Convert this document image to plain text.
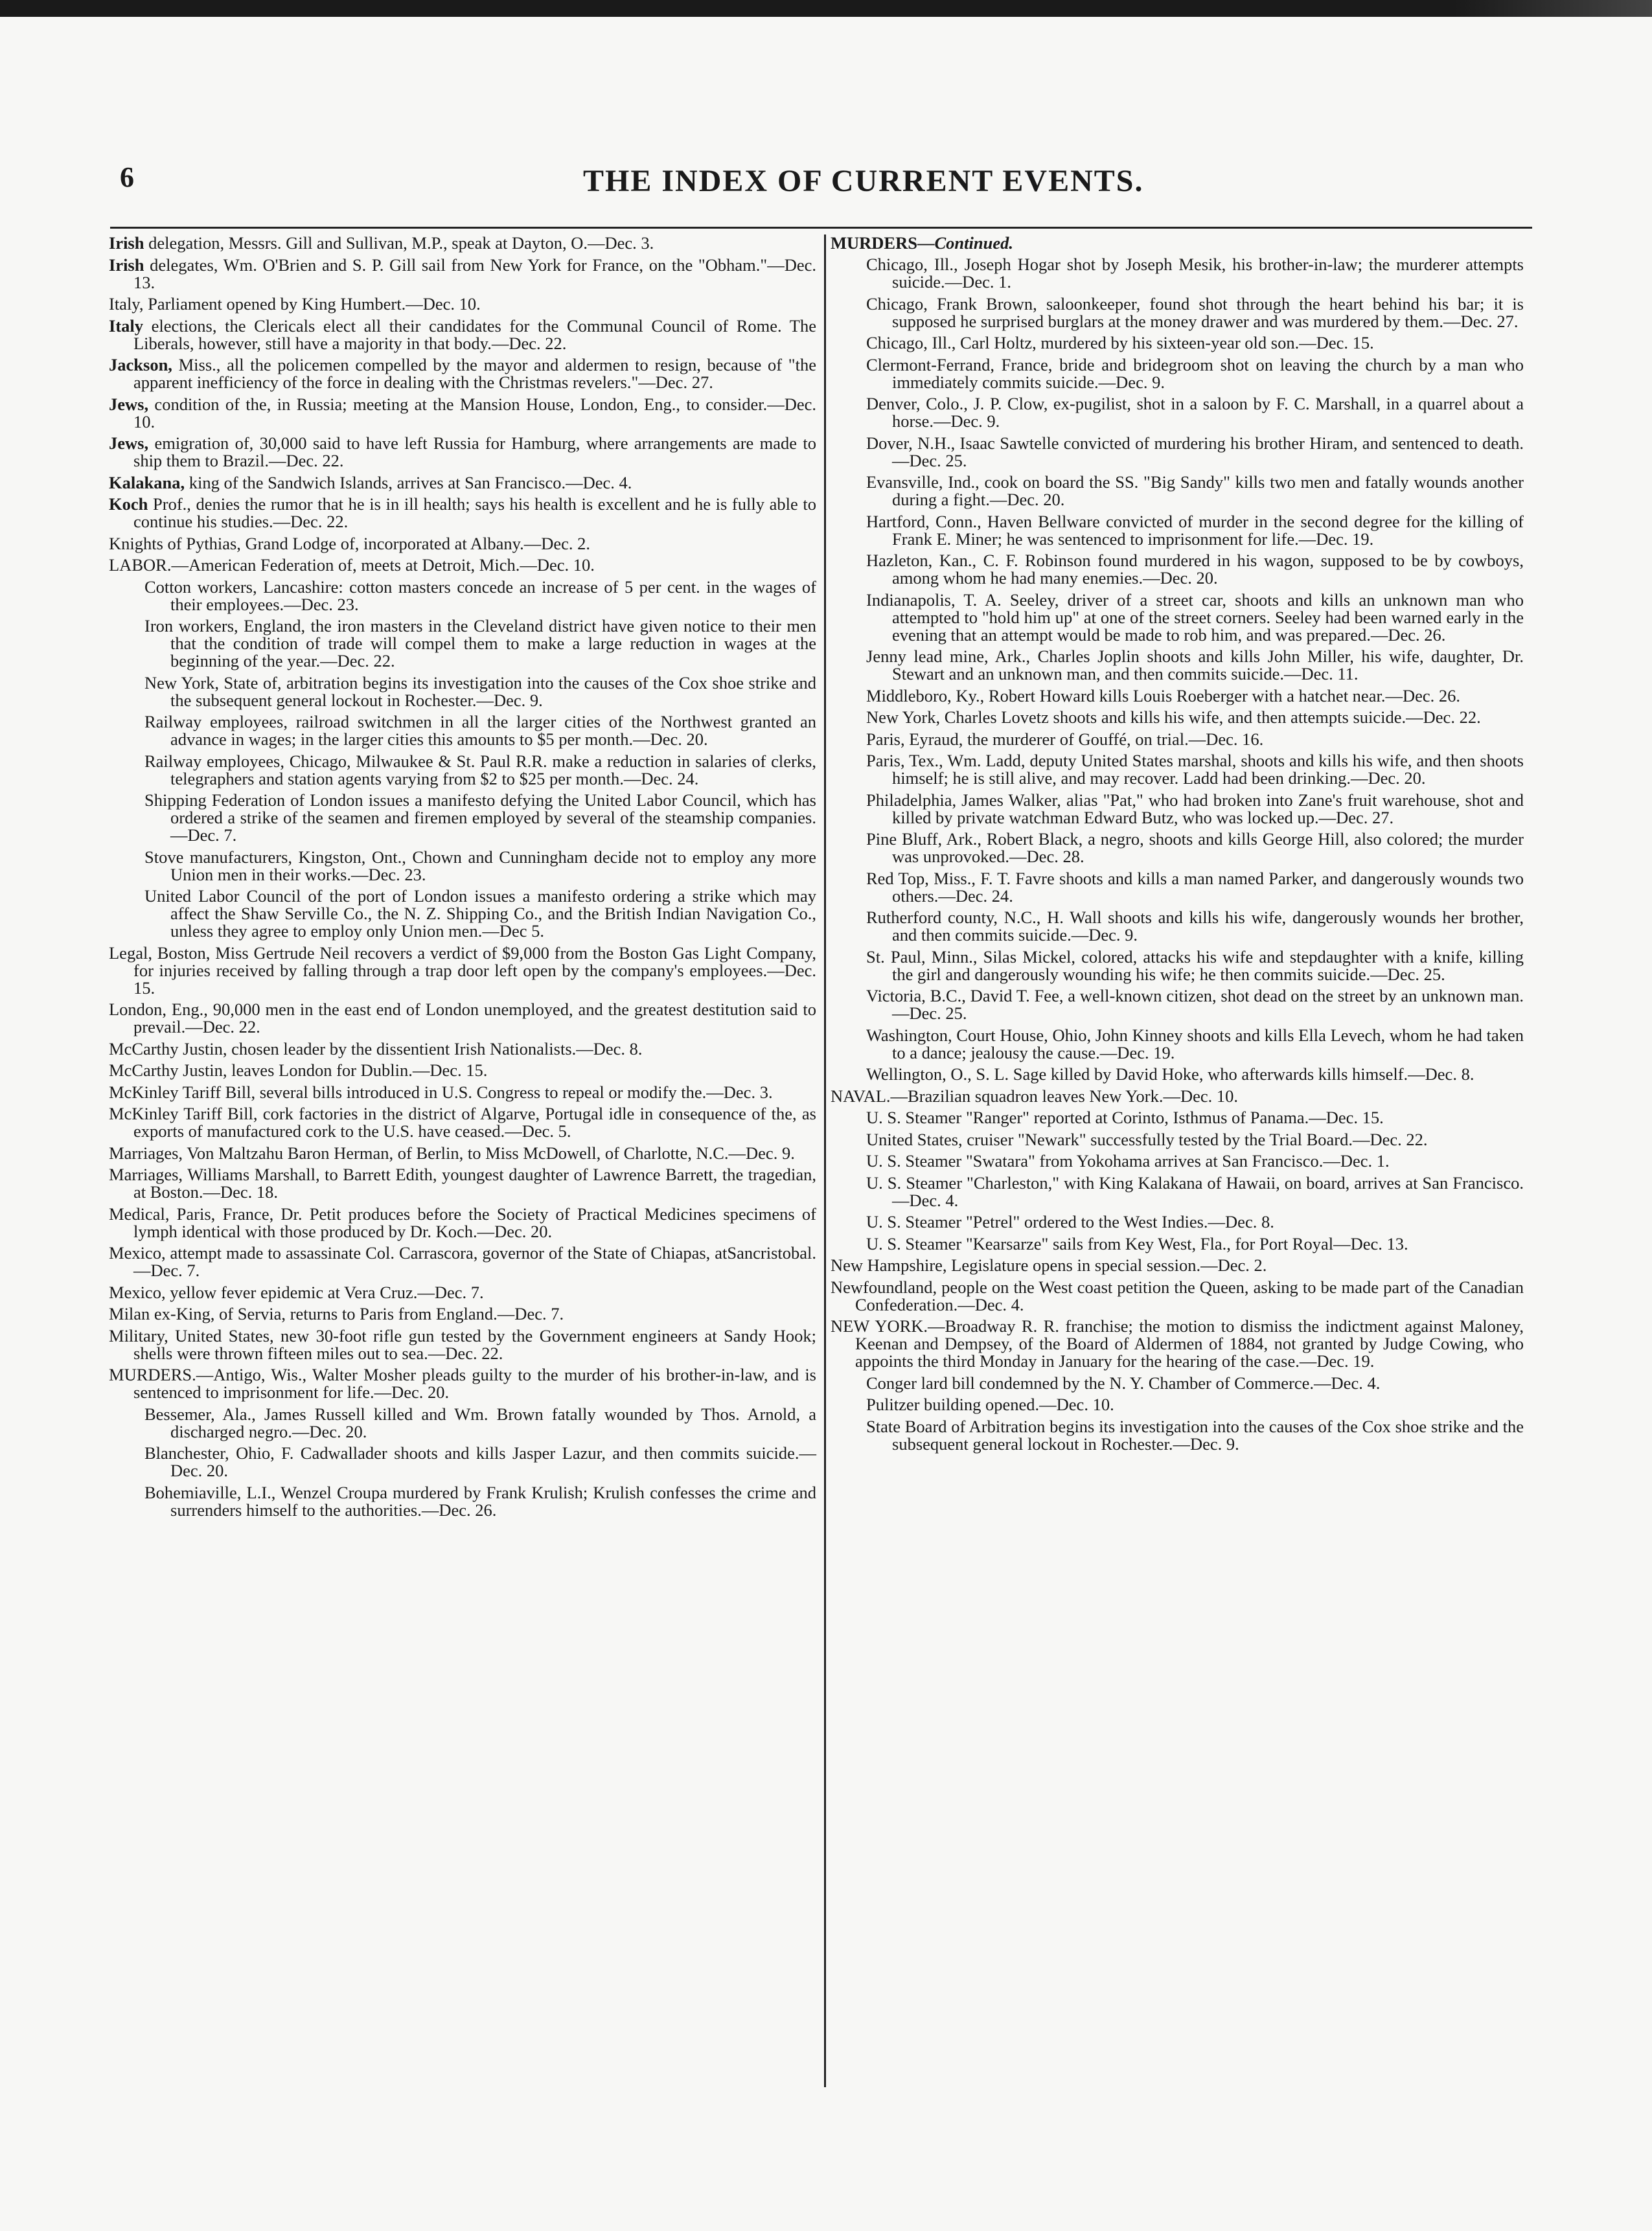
6	THE INDEX OF CURRENT EVENTS.
Irish delegation, Messrs. Gill and Sullivan, M.P., speak at Dayton, O.—Dec. 3.
Irish delegates, Wm. O'Brien and S. P. Gill sail from New York for France, on the "Obham."—Dec. 13.
Italy, Parliament opened by King Humbert.—Dec. 10.
Italy elections, the Clericals elect all their candidates for the Communal Council of Rome. The Liberals, however, still have a majority in that body.—Dec. 22.
Jackson, Miss., all the policemen compelled by the mayor and aldermen to resign, because of "the apparent inefficiency of the force in dealing with the Christmas revelers."—Dec. 27.
Jews, condition of the, in Russia; meeting at the Mansion House, London, Eng., to consider.—Dec. 10.
Jews, emigration of, 30,000 said to have left Russia for Hamburg, where arrangements are made to ship them to Brazil.—Dec. 22.
Kalakana, king of the Sandwich Islands, arrives at San Francisco.—Dec. 4.
Koch Prof., denies the rumor that he is in ill health; says his health is excellent and he is fully able to continue his studies.—Dec. 22.
Knights of Pythias, Grand Lodge of, incorporated at Albany.—Dec. 2.
LABOR.—American Federation of, meets at Detroit, Mich.—Dec. 10.
Cotton workers, Lancashire: cotton masters concede an increase of 5 per cent. in the wages of their employees.—Dec. 23.
Iron workers, England, the iron masters in the Cleveland district have given notice to their men that the condition of trade will compel them to make a large reduction in wages at the beginning of the year.—Dec. 22.
New York, State of, arbitration begins its investigation into the causes of the Cox shoe strike and the subsequent general lockout in Rochester.—Dec. 9.
Railway employees, railroad switchmen in all the larger cities of the Northwest granted an advance in wages; in the larger cities this amounts to $5 per month.—Dec. 20.
Railway employees, Chicago, Milwaukee & St. Paul R.R. make a reduction in salaries of clerks, telegraphers and station agents varying from $2 to $25 per month.—Dec. 24.
Shipping Federation of London issues a manifesto defying the United Labor Council, which has ordered a strike of the seamen and firemen employed by several of the steamship companies.—Dec. 7.
Stove manufacturers, Kingston, Ont., Chown and Cunningham decide not to employ any more Union men in their works.—Dec. 23.
United Labor Council of the port of London issues a manifesto ordering a strike which may affect the Shaw Serville Co., the N. Z. Shipping Co., and the British Indian Navigation Co., unless they agree to employ only Union men.—Dec 5.
Legal, Boston, Miss Gertrude Neil recovers a verdict of $9,000 from the Boston Gas Light Company, for injuries received by falling through a trap door left open by the company's employees.—Dec. 15.
London, Eng., 90,000 men in the east end of London unemployed, and the greatest destitution said to prevail.—Dec. 22.
McCarthy Justin, chosen leader by the dissentient Irish Nationalists.—Dec. 8.
McCarthy Justin, leaves London for Dublin.—Dec. 15.
McKinley Tariff Bill, several bills introduced in U.S. Congress to repeal or modify the.—Dec. 3.
McKinley Tariff Bill, cork factories in the district of Algarve, Portugal idle in consequence of the, as exports of manufactured cork to the U.S. have ceased.—Dec. 5.
Marriages, Von Maltzahu Baron Herman, of Berlin, to Miss McDowell, of Charlotte, N.C.—Dec. 9.
Marriages, Williams Marshall, to Barrett Edith, youngest daughter of Lawrence Barrett, the tragedian, at Boston.—Dec. 18.
Medical, Paris, France, Dr. Petit produces before the Society of Practical Medicines specimens of lymph identical with those produced by Dr. Koch.—Dec. 20.
Mexico, attempt made to assassinate Col. Carrascora, governor of the State of Chiapas, atSancristobal.—Dec. 7.
Mexico, yellow fever epidemic at Vera Cruz.—Dec. 7.
Milan ex-King, of Servia, returns to Paris from England.—Dec. 7.
Military, United States, new 30-foot rifle gun tested by the Government engineers at Sandy Hook; shells were thrown fifteen miles out to sea.—Dec. 22.
MURDERS.—Antigo, Wis., Walter Mosher pleads guilty to the murder of his brother-in-law, and is sentenced to imprisonment for life.—Dec. 20.
Bessemer, Ala., James Russell killed and Wm. Brown fatally wounded by Thos. Arnold, a discharged negro.—Dec. 20.
Blanchester, Ohio, F. Cadwallader shoots and kills Jasper Lazur, and then commits suicide.—Dec. 20.
Bohemiaville, L.I., Wenzel Croupa murdered by Frank Krulish; Krulish confesses the crime and surrenders himself to the authorities.—Dec. 26.
MURDERS—Continued.
Chicago, Ill., Joseph Hogar shot by Joseph Mesik, his brother-in-law; the murderer attempts suicide.—Dec. 1.
Chicago, Frank Brown, saloonkeeper, found shot through the heart behind his bar; it is supposed he surprised burglars at the money drawer and was murdered by them.—Dec. 27.
Chicago, Ill., Carl Holtz, murdered by his sixteen-year old son.—Dec. 15.
Clermont-Ferrand, France, bride and bridegroom shot on leaving the church by a man who immediately commits suicide.—Dec. 9.
Denver, Colo., J. P. Clow, ex-pugilist, shot in a saloon by F. C. Marshall, in a quarrel about a horse.—Dec. 9.
Dover, N.H., Isaac Sawtelle convicted of murdering his brother Hiram, and sentenced to death.—Dec. 25.
Evansville, Ind., cook on board the SS. "Big Sandy" kills two men and fatally wounds another during a fight.—Dec. 20.
Hartford, Conn., Haven Bellware convicted of murder in the second degree for the killing of Frank E. Miner; he was sentenced to imprisonment for life.—Dec. 19.
Hazleton, Kan., C. F. Robinson found murdered in his wagon, supposed to be by cowboys, among whom he had many enemies.—Dec. 20.
Indianapolis, T. A. Seeley, driver of a street car, shoots and kills an unknown man who attempted to "hold him up" at one of the street corners. Seeley had been warned early in the evening that an attempt would be made to rob him, and was prepared.—Dec. 26.
Jenny lead mine, Ark., Charles Joplin shoots and kills John Miller, his wife, daughter, Dr. Stewart and an unknown man, and then commits suicide.—Dec. 11.
Middleboro, Ky., Robert Howard kills Louis Roeberger with a hatchet near.—Dec. 26.
New York, Charles Lovetz shoots and kills his wife, and then attempts suicide.—Dec. 22.
Paris, Eyraud, the murderer of Gouffé, on trial.—Dec. 16.
Paris, Tex., Wm. Ladd, deputy United States marshal, shoots and kills his wife, and then shoots himself; he is still alive, and may recover. Ladd had been drinking.—Dec. 20.
Philadelphia, James Walker, alias "Pat," who had broken into Zane's fruit warehouse, shot and killed by private watchman Edward Butz, who was locked up.—Dec. 27.
Pine Bluff, Ark., Robert Black, a negro, shoots and kills George Hill, also colored; the murder was unprovoked.—Dec. 28.
Red Top, Miss., F. T. Favre shoots and kills a man named Parker, and dangerously wounds two others.—Dec. 24.
Rutherford county, N.C., H. Wall shoots and kills his wife, dangerously wounds her brother, and then commits suicide.—Dec. 9.
St. Paul, Minn., Silas Mickel, colored, attacks his wife and stepdaughter with a knife, killing the girl and dangerously wounding his wife; he then commits suicide.—Dec. 25.
Victoria, B.C., David T. Fee, a well-known citizen, shot dead on the street by an unknown man.—Dec. 25.
Washington, Court House, Ohio, John Kinney shoots and kills Ella Levech, whom he had taken to a dance; jealousy the cause.—Dec. 19.
Wellington, O., S. L. Sage killed by David Hoke, who afterwards kills himself.—Dec. 8.
NAVAL.—Brazilian squadron leaves New York.—Dec. 10.
U. S. Steamer "Ranger" reported at Corinto, Isthmus of Panama.—Dec. 15.
United States, cruiser "Newark" successfully tested by the Trial Board.—Dec. 22.
U. S. Steamer "Swatara" from Yokohama arrives at San Francisco.—Dec. 1.
U. S. Steamer "Charleston," with King Kalakana of Hawaii, on board, arrives at San Francisco.—Dec. 4.
U. S. Steamer "Petrel" ordered to the West Indies.—Dec. 8.
U. S. Steamer "Kearsarze" sails from Key West, Fla., for Port Royal—Dec. 13.
New Hampshire, Legislature opens in special session.—Dec. 2.
Newfoundland, people on the West coast petition the Queen, asking to be made part of the Canadian Confederation.—Dec. 4.
NEW YORK.—Broadway R. R. franchise; the motion to dismiss the indictment against Maloney, Keenan and Dempsey, of the Board of Aldermen of 1884, not granted by Judge Cowing, who appoints the third Monday in January for the hearing of the case.—Dec. 19.
Conger lard bill condemned by the N. Y. Chamber of Commerce.—Dec. 4.
Pulitzer building opened.—Dec. 10.
State Board of Arbitration begins its investigation into the causes of the Cox shoe strike and the subsequent general lockout in Rochester.—Dec. 9.
